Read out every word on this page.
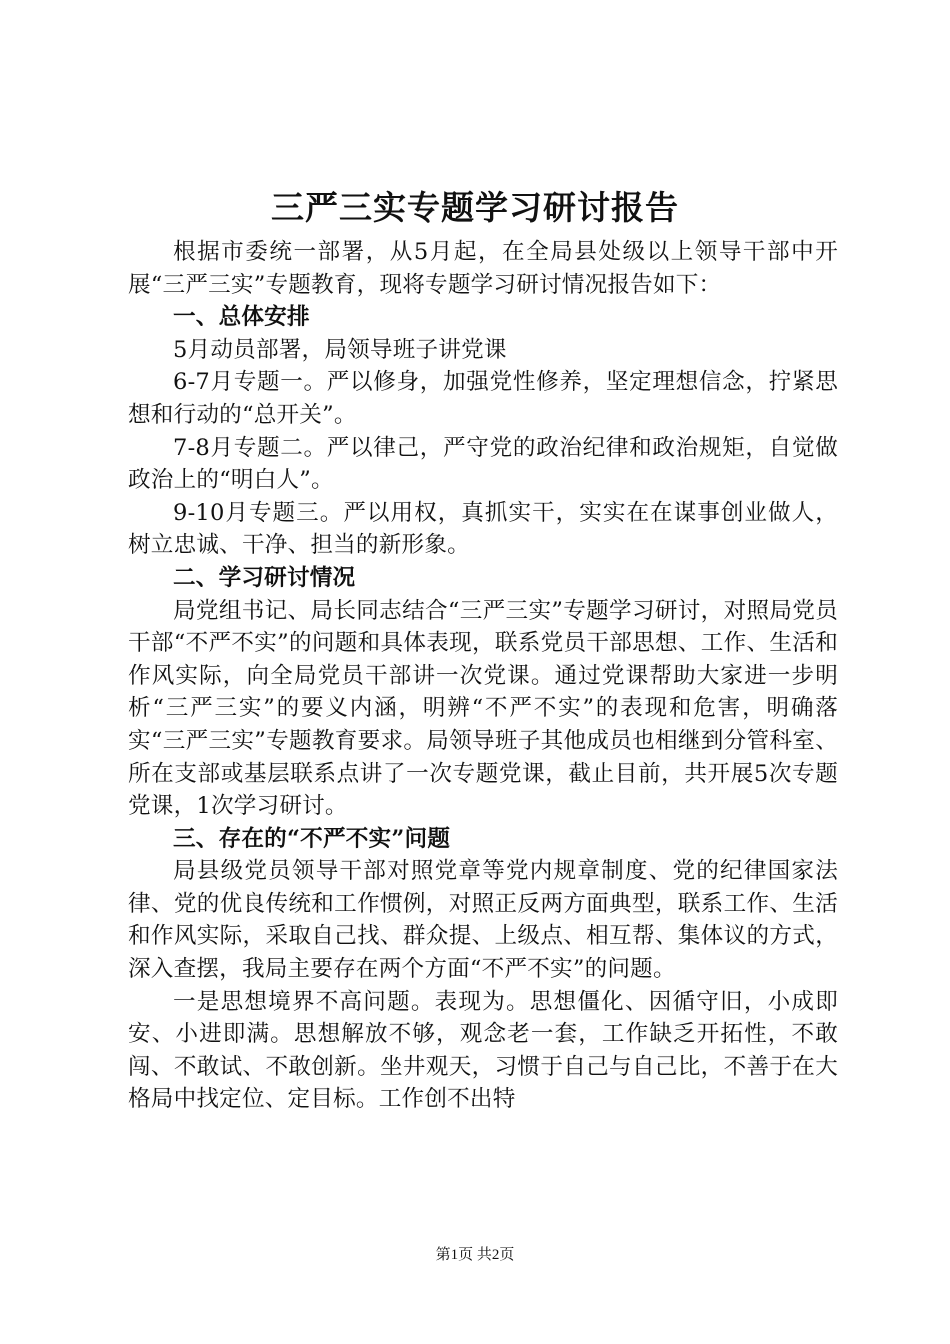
三严三实专题学习研讨报告

根据市委统一部署，从5月起，在全局县处级以上领导干部中开展“三严三实”专题教育，现将专题学习研讨情况报告如下：

一、总体安排

5月动员部署，局领导班子讲党课

6-7月专题一。严以修身，加强党性修养，坚定理想信念，拧紧思想和行动的“总开关”。

7-8月专题二。严以律己，严守党的政治纪律和政治规矩，自觉做政治上的“明白人”。

9-10月专题三。严以用权，真抓实干，实实在在谋事创业做人，树立忠诚、干净、担当的新形象。

二、学习研讨情况

局党组书记、局长同志结合“三严三实”专题学习研讨，对照局党员干部“不严不实”的问题和具体表现，联系党员干部思想、工作、生活和作风实际，向全局党员干部讲一次党课。通过党课帮助大家进一步明析“三严三实”的要义内涵，明辨“不严不实”的表现和危害，明确落实“三严三实”专题教育要求。局领导班子其他成员也相继到分管科室、所在支部或基层联系点讲了一次专题党课，截止目前，共开展5次专题党课，1次学习研讨。

三、存在的“不严不实”问题

局县级党员领导干部对照党章等党内规章制度、党的纪律国家法律、党的优良传统和工作惯例，对照正反两方面典型，联系工作、生活和作风实际，采取自己找、群众提、上级点、相互帮、集体议的方式，深入查摆，我局主要存在两个方面“不严不实”的问题。

一是思想境界不高问题。表现为。思想僵化、因循守旧，小成即安、小进即满。思想解放不够，观念老一套，工作缺乏开拓性，不敢闯、不敢试、不敢创新。坐井观天，习惯于自己与自己比，不善于在大格局中找定位、定目标。工作创不出特

第1页 共2页
